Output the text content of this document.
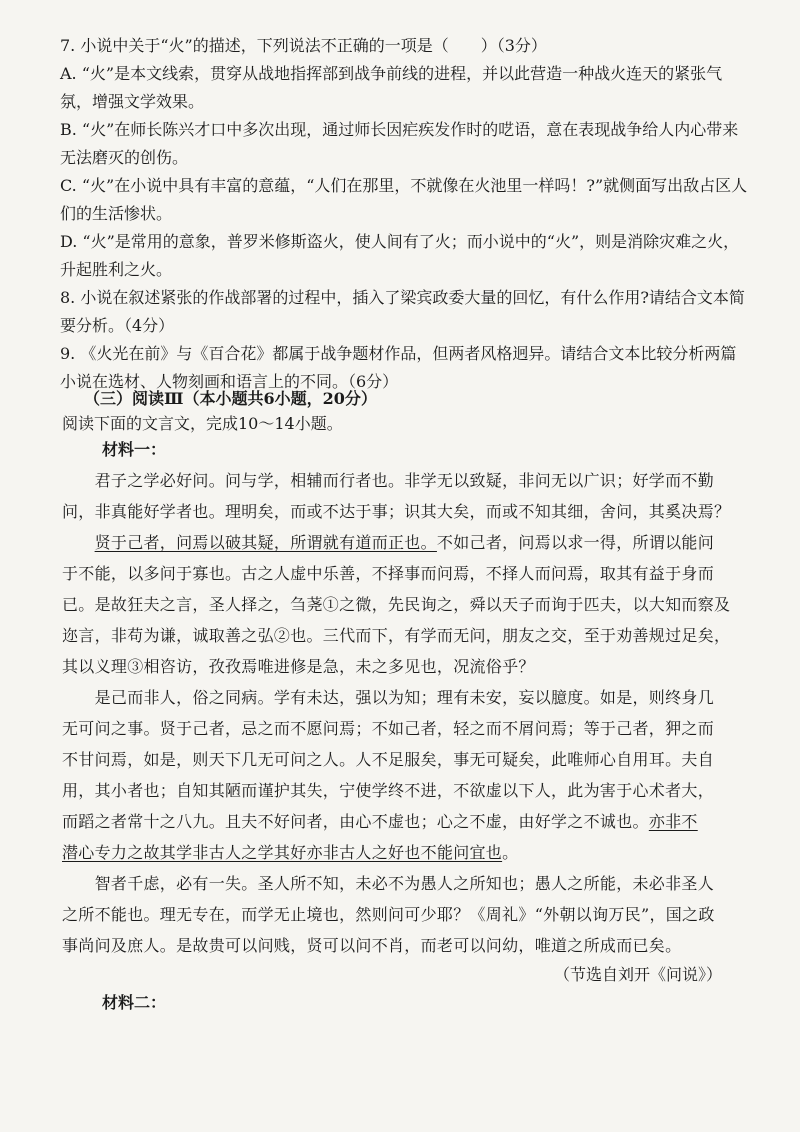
7. 小说中关于“火”的描述，下列说法不正确的一项是（　　）（3分）
A. “火”是本文线索，贯穿从战地指挥部到战争前线的进程，并以此营造一种战火连天的紧张气氛，增强文学效果。
B. “火”在师长陈兴才口中多次出现，通过师长因疟疾发作时的呓语，意在表现战争给人内心带来无法磨灭的创伤。
C. “火”在小说中具有丰富的意蕴，“人们在那里，不就像在火池里一样吗！?”就侧面写出敌占区人们的生活惨状。
D. “火”是常用的意象，普罗米修斯盗火，使人间有了火；而小说中的“火”，则是消除灾难之火，升起胜利之火。
8. 小说在叙述紧张的作战部署的过程中，插入了梁宾政委大量的回忆，有什么作用?请结合文本简要分析。（4分）
9. 《火光在前》与《百合花》都属于战争题材作品，但两者风格迥异。请结合文本比较分析两篇小说在选材、人物刻画和语言上的不同。（6分）
（三）阅读Ⅲ（本小题共6小题，20分）
阅读下面的文言文，完成10～14小题。
材料一：
　　君子之学必好问。问与学，相辅而行者也。非学无以致疑，非问无以广识；好学而不勤
问，非真能好学者也。理明矣，而或不达于事；识其大矣，而或不知其细，舍问，其奚决焉？
　　贤于己者，问焉以破其疑，所谓就有道而正也。不如己者，问焉以求一得，所谓以能问
于不能，以多问于寡也。古之人虚中乐善，不择事而问焉，不择人而问焉，取其有益于身而
已。是故狂夫之言，圣人择之，刍荛①之微，先民询之，舜以天子而询于匹夫，以大知而察及
迩言，非苟为谦，诚取善之弘②也。三代而下，有学而无问，朋友之交，至于劝善规过足矣，
其以义理③相咨访，孜孜焉唯进修是急，未之多见也，况流俗乎？
　　是己而非人，俗之同病。学有未达，强以为知；理有未安，妄以臆度。如是，则终身几
无可问之事。贤于己者，忌之而不愿问焉；不如己者，轻之而不屑问焉；等于己者，狎之而
不甘问焉，如是，则天下几无可问之人。人不足服矣，事无可疑矣，此唯师心自用耳。夫自
用，其小者也；自知其陋而谨护其失，宁使学终不进，不欲虚以下人，此为害于心术者大，
而蹈之者常十之八九。且夫不好问者，由心不虚也；心之不虚，由好学之不诚也。亦非不
潜心专力之故其学非古人之学其好亦非古人之好也不能问宜也。
　　智者千虑，必有一失。圣人所不知，未必不为愚人之所知也；愚人之所能，未必非圣人
之所不能也。理无专在，而学无止境也，然则问可少耶？《周礼》“外朝以询万民”，国之政
事尚问及庶人。是故贵可以问贱，贤可以问不肖，而老可以问幼，唯道之所成而已矣。
（节选自刘开《问说》）
材料二：
